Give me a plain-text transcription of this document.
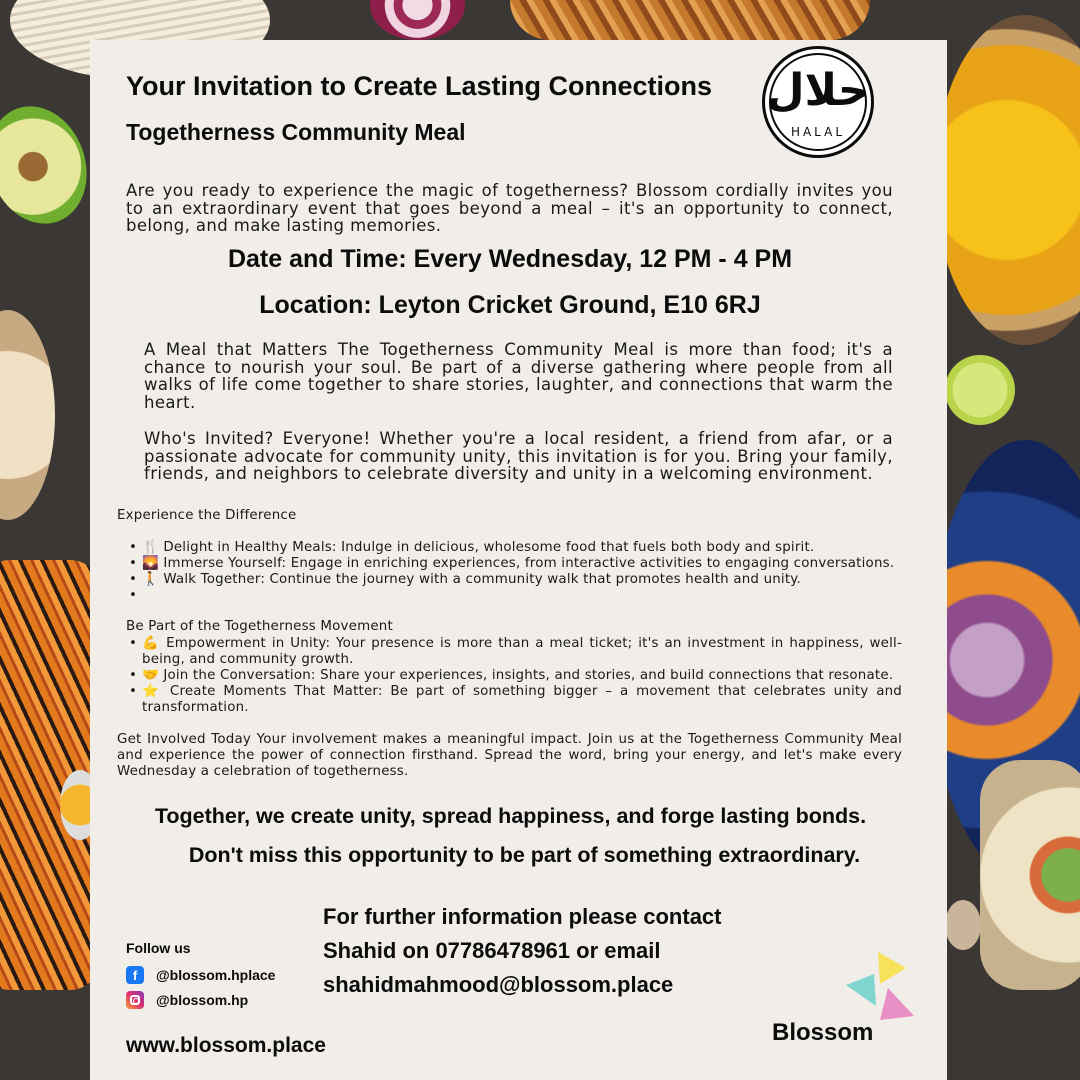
Your Invitation to Create Lasting Connections
Togetherness Community Meal
حلال
HALAL
Are you ready to experience the magic of togetherness? Blossom cordially invites you to an extraordinary event that goes beyond a meal – it's an opportunity to connect, belong, and make lasting memories.
Date and Time: Every Wednesday, 12 PM - 4 PM
Location: Leyton Cricket Ground, E10 6RJ
A Meal that Matters The Togetherness Community Meal is more than food; it's a chance to nourish your soul. Be part of a diverse gathering where people from all walks of life come together to share stories, laughter, and connections that warm the heart.
Who's Invited? Everyone! Whether you're a local resident, a friend from afar, or a passionate advocate for community unity, this invitation is for you. Bring your family, friends, and neighbors to celebrate diversity and unity in a welcoming environment.
Experience the Difference
• 🍴 Delight in Healthy Meals: Indulge in delicious, wholesome food that fuels both body and spirit.
• 🌄 Immerse Yourself: Engage in enriching experiences, from interactive activities to engaging conversations.
• 🚶 Walk Together: Continue the journey with a community walk that promotes health and unity.
•
Be Part of the Togetherness Movement
• 💪 Empowerment in Unity: Your presence is more than a meal ticket; it's an investment in happiness, well-being, and community growth.
• 🤝 Join the Conversation: Share your experiences, insights, and stories, and build connections that resonate.
• ⭐ Create Moments That Matter: Be part of something bigger – a movement that celebrates unity and transformation.
Get Involved Today Your involvement makes a meaningful impact. Join us at the Togetherness Community Meal and experience the power of connection firsthand. Spread the word, bring your energy, and let's make every Wednesday a celebration of togetherness.
Together, we create unity, spread happiness, and forge lasting bonds.
Don't miss this opportunity to be part of something extraordinary.
For further information please contact
Shahid on 07786478961 or email
shahidmahmood@blossom.place
Follow us
f	@blossom.hplace
@blossom.hp
www.blossom.place	Blossom
